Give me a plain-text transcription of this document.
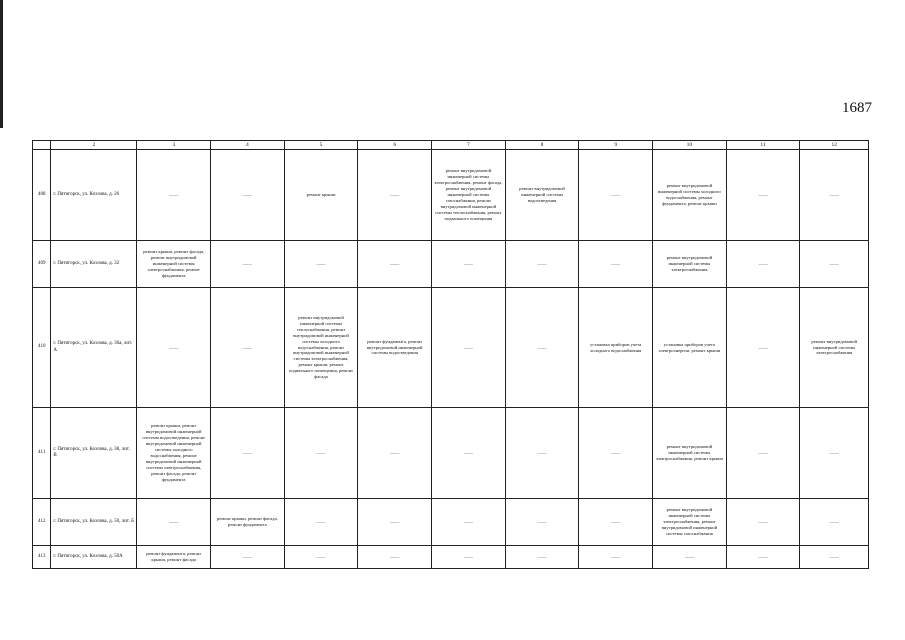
1687
	2	3	4	5	6	7	8	9	10	11	12
408	г. Пятигорск, ул. Козлова, д. 26	——	——	ремонт крыши	——	ремонт внутридомовой инженерной системы электроснабжения, ремонт фасада, ремонт внутридомовой инженерной системы газоснабжения, ремонт внутридомовой инженерной системы теплоснабжения, ремонт подвального помещения	ремонт внутридомовой инженерной системы водоотведения	——	ремонт внутридомовой инженерной системы холодного водоснабжения, ремонт фундамента, ремонт крыши	——	——
409	г. Пятигорск, ул. Козлова, д. 32	ремонт крыши, ремонт фасада, ремонт внутридомовой инженерной системы электроснабжения, ремонт фундамента	——	——	——	——	——	——	ремонт внутридомовой инженерной системы электроснабжения	——	——
410	г. Пятигорск, ул. Козлова, д. 36а, лит. А	——	——	ремонт внутридомовой инженерной системы теплоснабжения, ремонт внутридомовой инженерной системы холодного водоснабжения, ремонт внутридомовой инженерной системы электроснабжения, ремонт крыши, ремонт подвального помещения, ремонт фасада	ремонт фундамента, ремонт внутридомовой инженерной системы водоотведения	——	——	установка приборов учета холодного водоснабжения	установка приборов учета электроэнергии, ремонт крыши	——	ремонт внутридомовой инженерной системы электроснабжения
411	г. Пятигорск, ул. Козлова, д. 38, лит. В	ремонт крыши, ремонт внутридомовой инженерной системы водоотведения, ремонт внутридомовой инженерной системы холодного водоснабжения, ремонт внутридомовой инженерной системы электроснабжения, ремонт фасада, ремонт фундамента	——	——	——	——	——	——	ремонт внутридомовой инженерной системы электроснабжения, ремонт крыши	——	——
412	г. Пятигорск, ул. Козлова, д. 50, лит. Б	——	ремонт крыши, ремонт фасада, ремонт фундамента	——	——	——	——	——	ремонт внутридомовой инженерной системы электроснабжения, ремонт внутридомовой инженерной системы газоснабжения	——	——
413	г. Пятигорск, ул. Козлова, д. 50А	ремонт фундамента, ремонт крыши, ремонт фасада	——	——	——	——	——	——	——	——	——
